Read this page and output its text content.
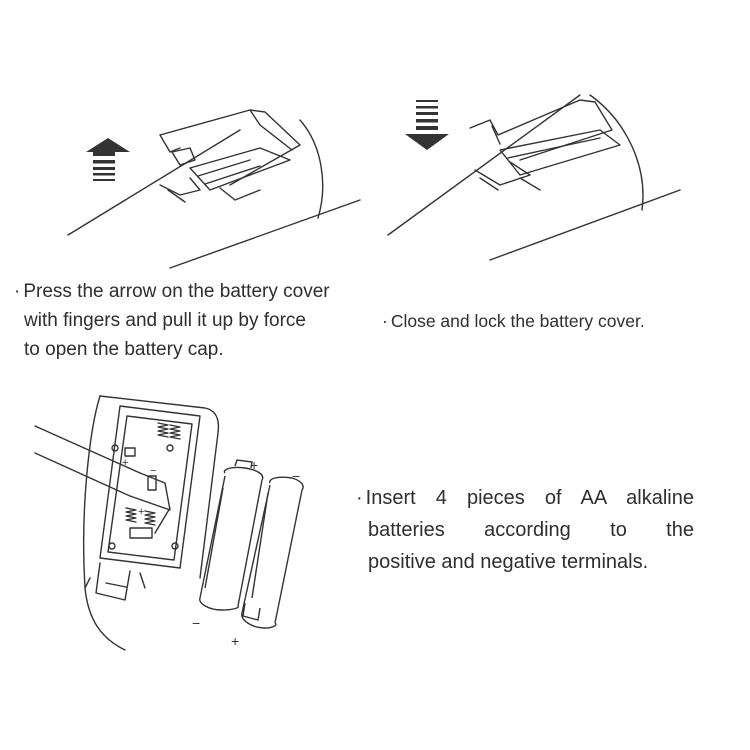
· Press the arrow on the battery cover

with fingers and pull it up by force

to open the battery cap.

· Close and lock the battery cover.

+
−
+
+
−
−
+
· Insert 4 pieces of AA alkaline
batteries according to the
positive and negative terminals.
